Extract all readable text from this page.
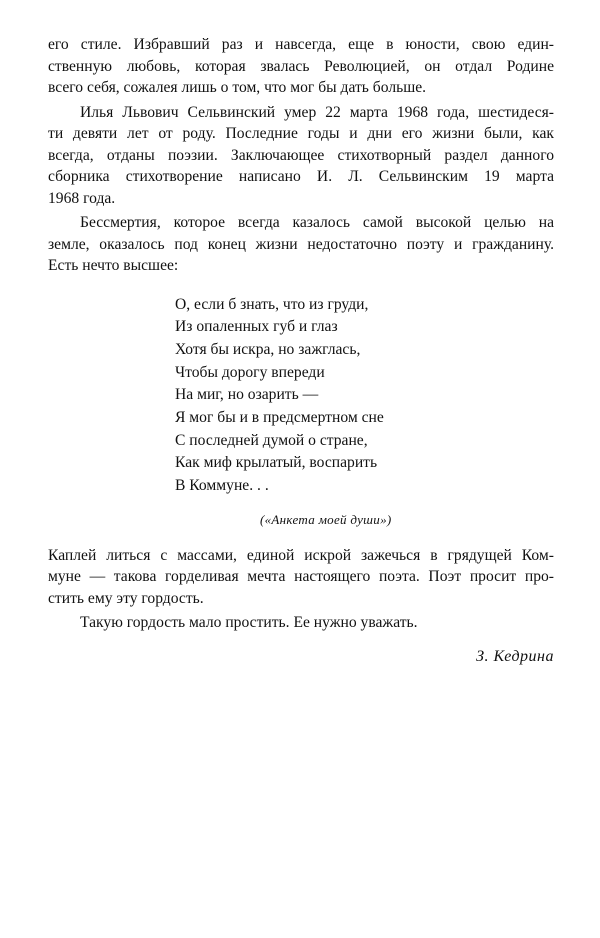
его стиле. Избравший раз и навсегда, еще в юности, свою един-
ственную любовь, которая звалась Революцией, он отдал Родине
всего себя, сожалея лишь о том, что мог бы дать больше.

Илья Львович Сельвинский умер 22 марта 1968 года, шестидеся-
ти девяти лет от роду. Последние годы и дни его жизни были, как
всегда, отданы поэзии. Заключающее стихотворный раздел данного
сборника стихотворение написано И. Л. Сельвинским 19 марта
1968 года.

Бессмертия, которое всегда казалось самой высокой целью на
земле, оказалось под конец жизни недостаточно поэту и гражданину.
Есть нечто высшее:

О, если б знать, что из груди,
Из опаленных губ и глаз
Хотя бы искра, но зажглась,
Чтобы дорогу впереди
На миг, но озарить —
Я мог бы и в предсмертном сне
С последней думой о стране,
Как миф крылатый, воспарить
В Коммуне. . .
(«Анкета моей души»)

Каплей литься с массами, единой искрой зажечься в грядущей Ком-
муне — такова горделивая мечта настоящего поэта. Поэт просит про-
стить ему эту гордость.

Такую гордость мало простить. Ее нужно уважать.

З. Кедрина
